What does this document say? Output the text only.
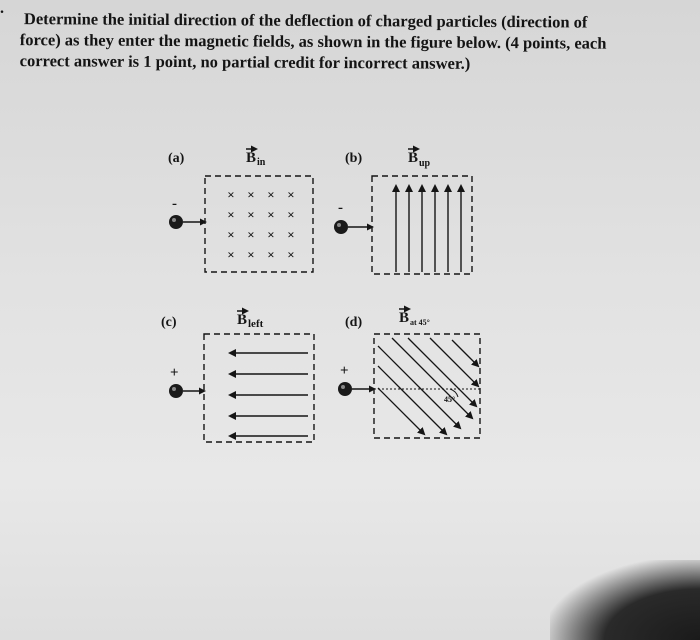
.

Determine the initial direction of the deflection of charged particles (direction of
force) as they enter the magnetic fields, as shown in the figure below. (4 points, each
correct answer is 1 point, no partial credit for incorrect answer.)

(a)	B in
×
×
×
×
×
×
×
×
×
×
×
×
×
×
×
×
-
(b)	B up
-
(c)	B left
+
(d) B at 45°
45°
+
